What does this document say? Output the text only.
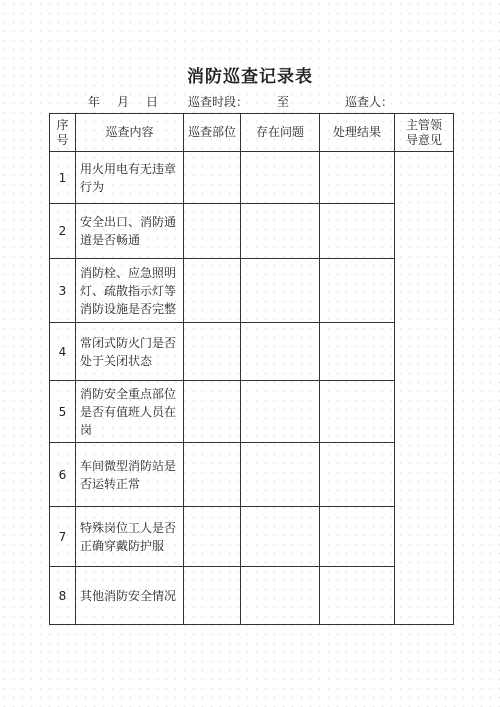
消防巡查记录表
年 月 日 巡查时段： 至	巡查人：
序号	巡查内容	巡查部位	存在问题	处理结果	主管领导意见
1	用火用电有无违章行为				
2	安全出口、消防通道是否畅通				
3	消防栓、应急照明灯、疏散指示灯等消防设施是否完整				
4	常闭式防火门是否处于关闭状态				
5	消防安全重点部位是否有值班人员在岗				
6	车间微型消防站是否运转正常				
7	特殊岗位工人是否正确穿戴防护服				
8	其他消防安全情况				
